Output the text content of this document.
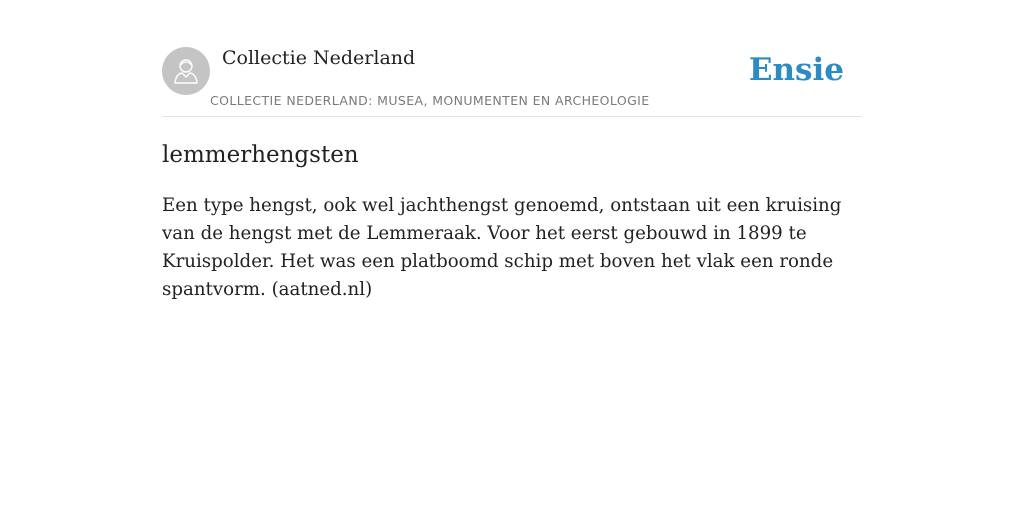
Collectie Nederland
COLLECTIE NEDERLAND: MUSEA, MONUMENTEN EN ARCHEOLOGIE
Ensie
lemmerhengsten

Een type hengst, ook wel jachthengst genoemd, ontstaan uit een kruising van de hengst met de Lemmeraak. Voor het eerst gebouwd in 1899 te Kruispolder. Het was een platboomd schip met boven het vlak een ronde spantvorm. (aatned.nl)
